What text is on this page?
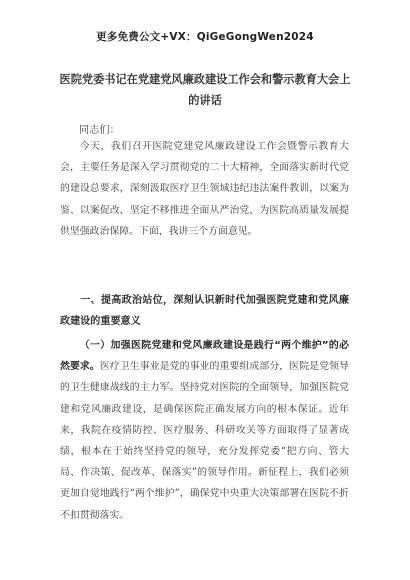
更多免费公文+VX：QiGeGongWen2024
医院党委书记在党建党风廉政建设工作会和警示教育大会上的讲话
同志们：

今天，我们召开医院党建党风廉政建设工作会暨警示教育大会，主要任务是深入学习贯彻党的二十大精神，全面落实新时代党的建设总要求，深刻汲取医疗卫生领域违纪违法案件教训，以案为鉴、以案促改，坚定不移推进全面从严治党，为医院高质量发展提供坚强政治保障。下面，我讲三个方面意见。

一、提高政治站位，深刻认识新时代加强医院党建和党风廉政建设的重要意义

（一）加强医院党建和党风廉政建设是践行“两个维护”的必然要求。医疗卫生事业是党的事业的重要组成部分，医院是党领导的卫生健康战线的主力军。坚持党对医院的全面领导，加强医院党建和党风廉政建设，是确保医院正确发展方向的根本保证。近年来，我院在疫情防控、医疗服务、科研攻关等方面取得了显著成绩，根本在于始终坚持党的领导，充分发挥党委“把方向、管大局、作决策、促改革、保落实”的领导作用。新征程上，我们必须更加自觉地践行“两个维护”，确保党中央重大决策部署在医院不折不扣贯彻落实。
